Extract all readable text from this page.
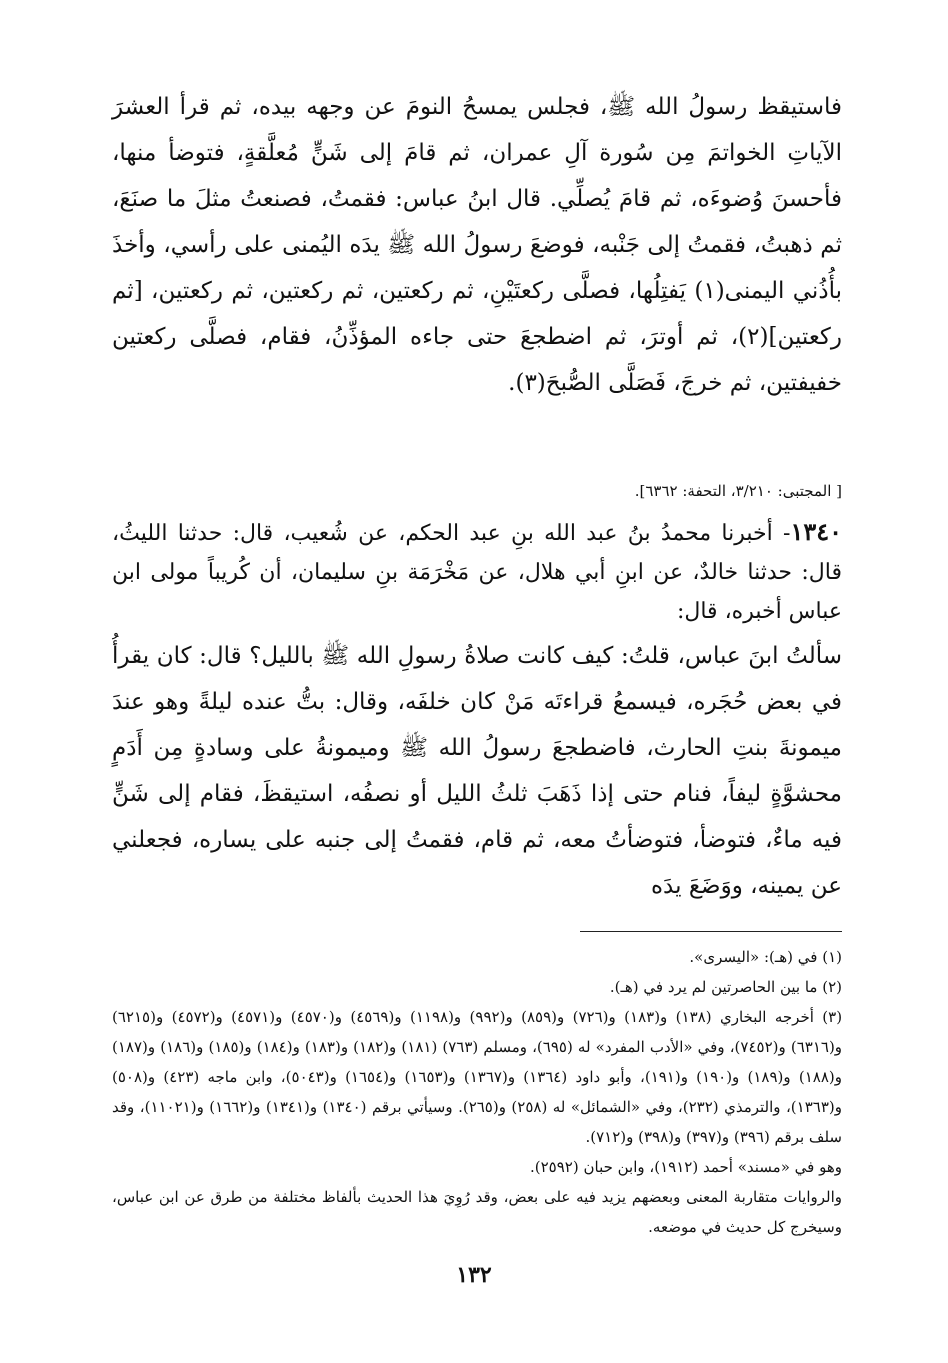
فاستيقظ رسولُ الله ﷺ، فجلس يمسحُ النومَ عن وجهه بيده، ثم قرأ العشرَ الآياتِ الخواتمَ مِن سُورة آلِ عمران، ثم قامَ إلى شَنٍّ مُعلَّقةٍ، فتوضأ منها، فأحسنَ وُضوءَه، ثم قامَ يُصلِّي. قال ابنُ عباس: فقمتُ، فصنعتُ مثلَ ما صنَعَ، ثم ذهبتُ، فقمتُ إلى جَنْبه، فوضعَ رسولُ الله ﷺ يدَه اليُمنى على رأسي، وأخذَ بأُذُني اليمنى(١) يَفتِلُها، فصلَّى ركعتَيْنِ، ثم ركعتين، ثم ركعتين، ثم ركعتين، [ثم ركعتين](٢)، ثم أوترَ، ثم اضطجعَ حتى جاءه المؤذِّنُ، فقام، فصلَّى ركعتين خفيفتين، ثم خرجَ، فَصَلَّى الصُّبحَ(٣).

[ المجتبى: ٣/٢١٠، التحفة: ٦٣٦٢].

١٣٤٠- أخبرنا محمدُ بنُ عبد الله بنِ عبد الحكم، عن شُعيب، قال: حدثنا الليثُ، قال: حدثنا خالدٌ، عن ابنِ أبي هلال، عن مَخْرَمَة بنِ سليمان، أن كُريباً مولى ابن عباس أخبره، قال:

سألتُ ابنَ عباس، قلتُ: كيف كانت صلاةُ رسولِ الله ﷺ بالليل؟ قال: كان يقرأُ في بعض حُجَره، فيسمعُ قراءتَه مَنْ كان خلفَه، وقال: بتُّ عنده ليلةً وهو عندَ ميمونةَ بنتِ الحارث، فاضطجعَ رسولُ الله ﷺ وميمونةُ على وسادةٍ مِن أَدَمٍ محشوَّةٍ ليفاً، فنام حتى إذا ذَهَبَ ثلثُ الليل أو نصفُه، استيقظَ، فقام إلى شَنٍّ فيه ماءٌ، فتوضأ، فتوضأتُ معه، ثم قام، فقمتُ إلى جنبه على يساره، فجعلني عن يمينه، ووَضَعَ يدَه

(١) في (هـ): «اليسرى».

(٢) ما بين الحاصرتين لم يرد في (هـ).

(٣) أخرجه البخاري (١٣٨) و(١٨٣) و(٧٢٦) و(٨٥٩) و(٩٩٢) و(١١٩٨) و(٤٥٦٩) و(٤٥٧٠) و(٤٥٧١) و(٤٥٧٢) و(٦٢١٥) و(٦٣١٦) و(٧٤٥٢)، وفي «الأدب المفرد» له (٦٩٥)، ومسلم (٧٦٣) (١٨١) و(١٨٢) و(١٨٣) و(١٨٤) و(١٨٥) و(١٨٦) و(١٨٧) و(١٨٨) و(١٨٩) و(١٩٠) و(١٩١)، وأبو داود (١٣٦٤) و(١٣٦٧) و(١٦٥٣) و(١٦٥٤) و(٥٠٤٣)، وابن ماجه (٤٢٣) و(٥٠٨) و(١٣٦٣)، والترمذي (٢٣٢)، وفي «الشمائل» له (٢٥٨) و(٢٦٥). وسيأتي برقم (١٣٤٠) و(١٣٤١) و(١٦٦٢) و(١١٠٢١)، وقد سلف برقم (٣٩٦) و(٣٩٧) و(٣٩٨) و(٧١٢).

وهو في «مسند» أحمد (١٩١٢)، وابن حبان (٢٥٩٢).

والروايات متقاربة المعنى وبعضهم يزيد فيه على بعض، وقد رُوِيَ هذا الحديث بألفاظ مختلفة من طرق عن ابن عباس، وسيخرج كل حديث في موضعه.

١٣٢
